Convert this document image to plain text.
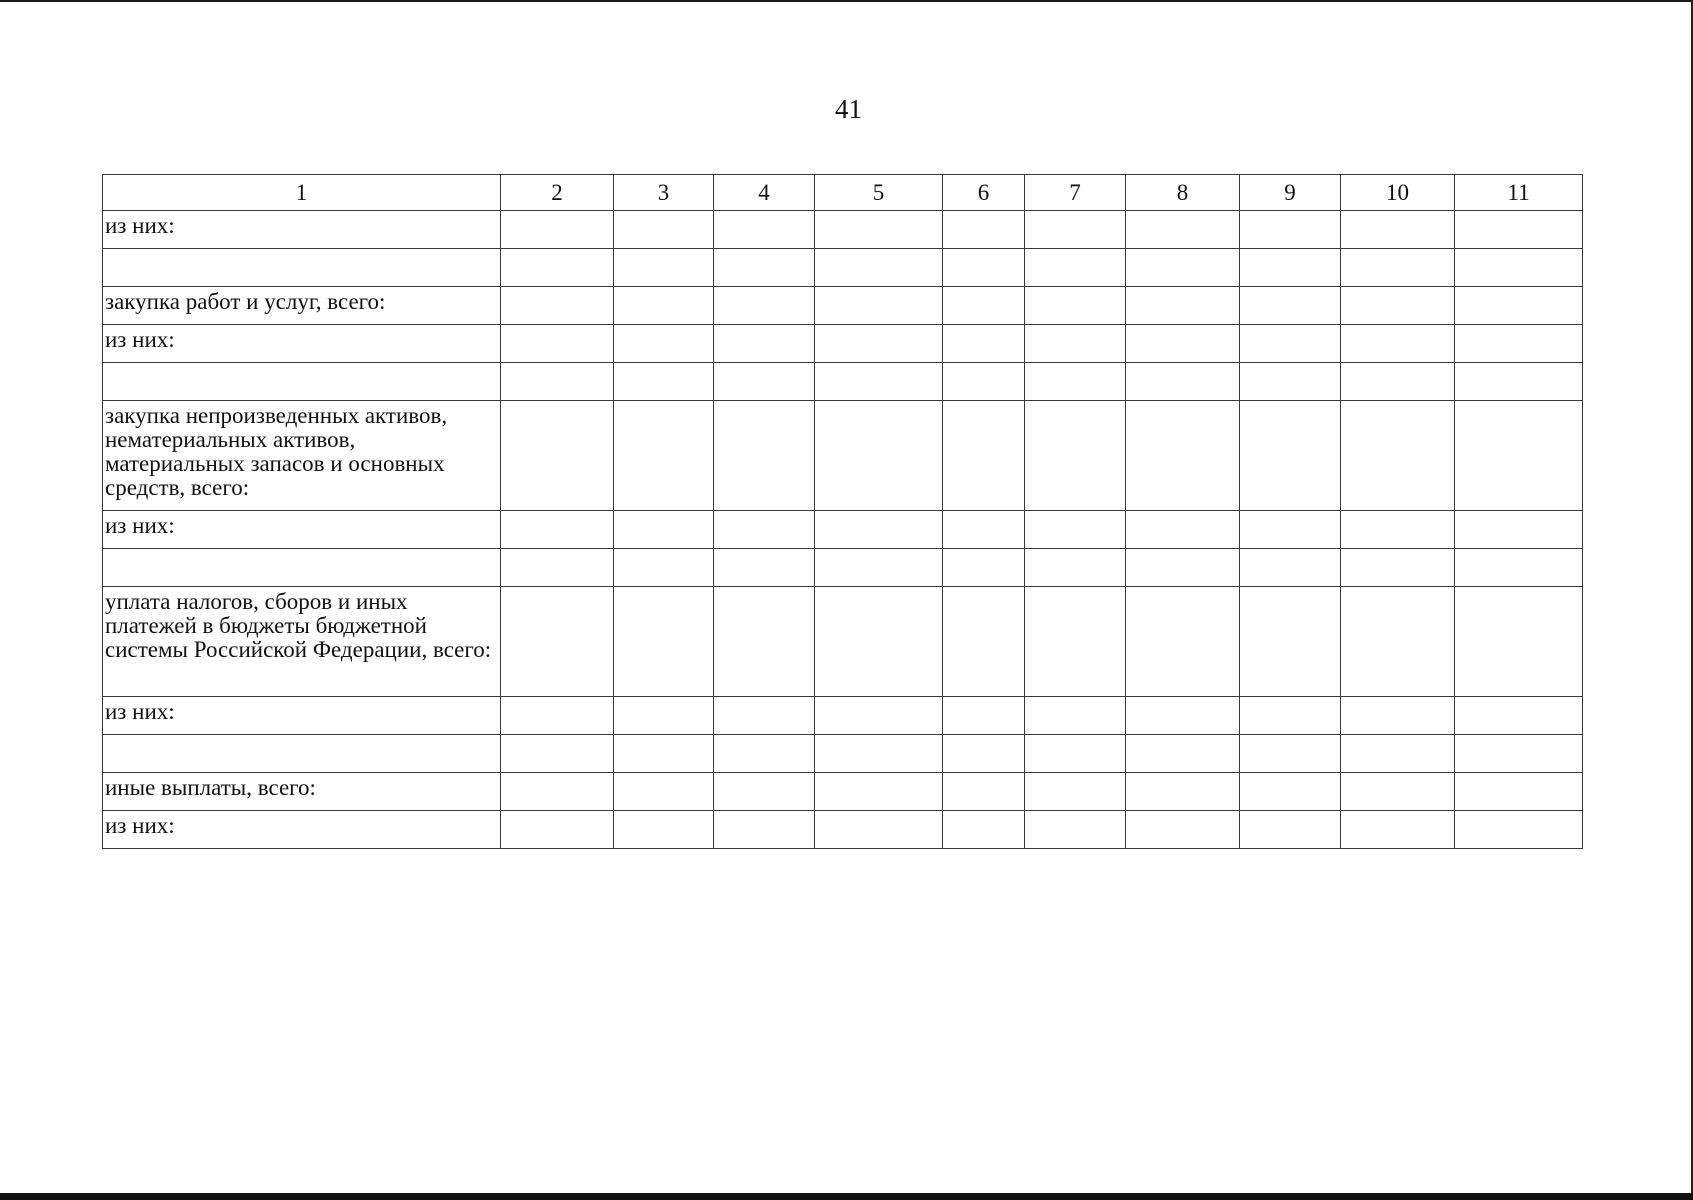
41
1	2	3	4	5	6	7	8	9	10	11
из них:										

закупка работ и услуг, всего:										
из них:										

закупка непроизведенных активов, нематериальных активов, материальных запасов и основных средств, всего:										
из них:										

уплата налогов, сборов и иных платежей в бюджеты бюджетной системы Российской Федерации, всего:										
из них:										

иные выплаты, всего:										
из них:										
